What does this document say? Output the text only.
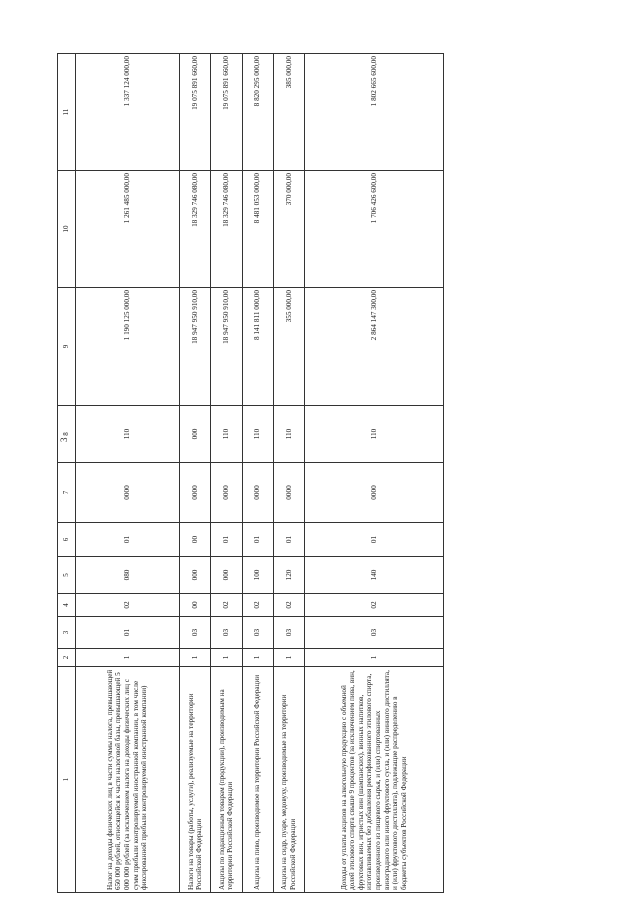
3
1	2	3	4	5	6	7	8	9	10	11
Налог на доходы физических лиц в части суммы налога, превышающей 650 000 рублей, относящейся к части налоговой базы, превышающей 5 000 000 рублей (за исключением налога на доходы физических лиц с сумм прибыли контролируемой иностранной компании, в том числе фиксированной прибыли контролируемой иностранной компании)	1	01	02	080	01	0000	110	1 190 125 000,00	1 261 485 000,00	1 337 124 000,00
Налоги на товары (работы, услуги), реализуемые на территории Российской Федерации	1	03	00	000	00	0000	000	18 947 950 910,00	18 329 746 080,00	19 075 891 660,00
Акцизы по подакцизным товарам (продукции), производимым на территории Российской Федерации	1	03	02	000	01	0000	110	18 947 950 910,00	18 329 746 080,00	19 075 891 660,00
Акцизы на пиво, производимое на территории Российской Федерации	1	03	02	100	01	0000	110	8 141 811 000,00	8 481 053 000,00	8 820 295 000,00
Акцизы на сидр, пуаре, медовуху, производимые на территории Российской Федерации	1	03	02	120	01	0000	110	355 000,00	370 000,00	385 000,00
Доходы от уплаты акцизов на алкогольную продукцию с объемной долей этилового спирта свыше 9 процентов (за исключением пива, вин, фруктовых вин, игристых вин (шампанских), винных напитков, изготавливаемых без добавления ректификованного этилового спирта, произведенного из пищевого сырья, и (или) спиртованных виноградного или иного фруктового сусла, и (или) винного дистиллята, и (или) фруктового дистиллята), подлежащие распределению в бюджеты субъектов Российской Федерации	1	03	02	140	01	0000	110	2 864 147 300,00	1 706 426 600,00	1 802 665 600,00
